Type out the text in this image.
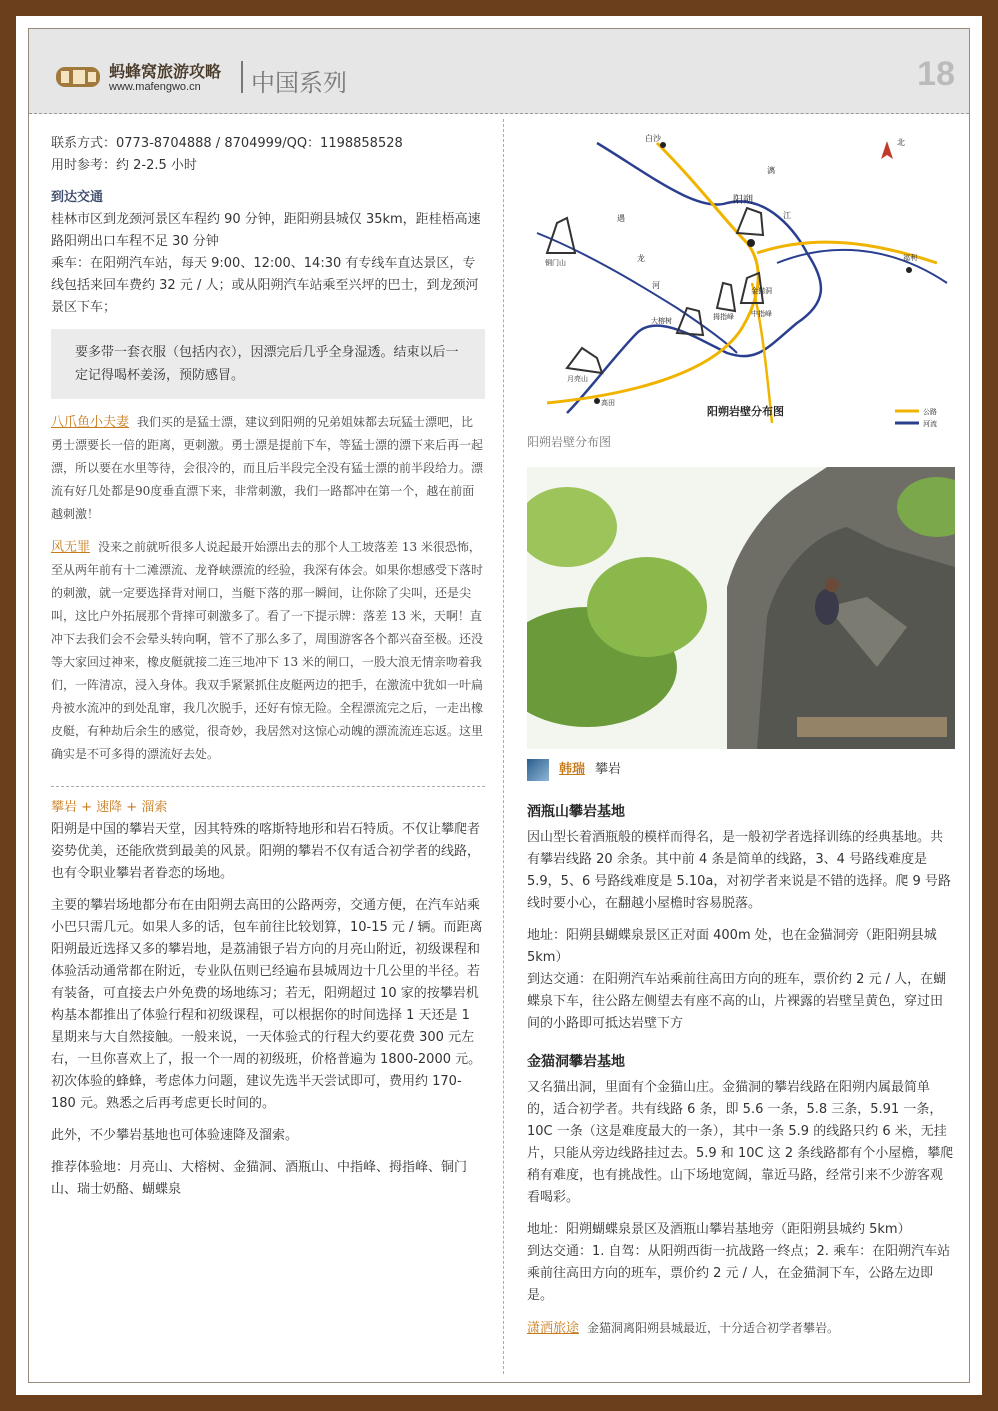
蚂蜂窝旅游攻略
www.mafengwo.cn 中国系列	18

联系方式：0773-8704888 / 8704999/QQ：1198858528

用时参考：约 2-2.5 小时

到达交通

桂林市区到龙颈河景区车程约 90 分钟，距阳朔县城仅 35km，距桂梧高速路阳朔出口车程不足 30 分钟

乘车：在阳朔汽车站，每天 9:00、12:00、14:30 有专线车直达景区，专线包括来回车费约 32 元 / 人；或从阳朔汽车站乘至兴坪的巴士，到龙颈河景区下车；

要多带一套衣服（包括内衣），因漂完后几乎全身湿透。结束以后一定记得喝杯姜汤，预防感冒。

八爪鱼小夫妻 我们买的是猛士漂，建议到阳朔的兄弟姐妹都去玩猛士漂吧，比勇士漂要长一倍的距离，更刺激。勇士漂是提前下车，等猛士漂的漂下来后再一起漂，所以要在水里等待，会很冷的，而且后半段完全没有猛士漂的前半段给力。漂流有好几处都是90度垂直漂下来，非常刺激，我们一路都冲在第一个，越在前面越刺激！

风无罪 没来之前就听很多人说起最开始漂出去的那个人工坡落差 13 米很恐怖，至从两年前有十二滩漂流、龙脊峡漂流的经验，我深有体会。如果你想感受下落时的刺激，就一定要选择背对闸口，当艇下落的那一瞬间，让你除了尖叫，还是尖叫，这比户外拓展那个背摔可刺激多了。看了一下提示牌：落差 13 米，天啊！直冲下去我们会不会晕头转向啊，管不了那么多了，周围游客各个都兴奋至极。还没等大家回过神来，橡皮艇就接二连三地冲下 13 米的闸口，一股大浪无情亲吻着我们，一阵清凉，浸入身体。我双手紧紧抓住皮艇两边的把手，在激流中犹如一叶扁舟被水流冲的到处乱窜，我几次脱手，还好有惊无险。全程漂流完之后，一走出橡皮艇，有种劫后余生的感觉，很奇妙，我居然对这惊心动魄的漂流流连忘返。这里确实是不可多得的漂流好去处。

攀岩 + 速降 + 溜索

阳朔是中国的攀岩天堂，因其特殊的喀斯特地形和岩石特质。不仅让攀爬者姿势优美，还能欣赏到最美的风景。阳朔的攀岩不仅有适合初学者的线路，也有令职业攀岩者眷恋的场地。

主要的攀岩场地都分布在由阳朔去高田的公路两旁，交通方便，在汽车站乘小巴只需几元。如果人多的话，包车前往比较划算，10-15 元 / 辆。而距离阳朔最近选择又多的攀岩地，是荔浦银子岩方向的月亮山附近，初级课程和体验活动通常都在附近，专业队伍则已经遍布县城周边十几公里的半径。若有装备，可直接去户外免费的场地练习；若无，阳朔超过 10 家的按攀岩机构基本都推出了体验行程和初级课程，可以根据你的时间选择 1 天还是 1 星期来与大自然接触。一般来说，一天体验式的行程大约要花费 300 元左右，一旦你喜欢上了，报一个一周的初级班，价格普遍为 1800-2000 元。初次体验的蜂蜂，考虑体力问题，建议先选半天尝试即可，费用约 170-180 元。熟悉之后再考虑更长时间的。

此外，不少攀岩基地也可体验速降及溜索。

推荐体验地：月亮山、大榕树、金猫洞、酒瓶山、中指峰、拇指峰、铜门山、瑞士奶酪、蝴蝶泉

白沙
阳朔
遇
龙
河
铜门山
大榕树
月亮山
高田
漓
江
福利
拇指峰
金猫洞
中指峰
北
阳朔岩壁分布图	公路
河流

阳朔岩壁分布图

韩瑞 攀岩

酒瓶山攀岩基地

因山型长着酒瓶般的模样而得名，是一般初学者选择训练的经典基地。共有攀岩线路 20 余条。其中前 4 条是简单的线路，3、4 号路线难度是 5.9，5、6 号路线难度是 5.10a，对初学者来说是不错的选择。爬 9 号路线时要小心，在翻越小屋檐时容易脱落。

地址：阳朔县蝴蝶泉景区正对面 400m 处，也在金猫洞旁（距阳朔县城 5km）

到达交通：在阳朔汽车站乘前往高田方向的班车，票价约 2 元 / 人，在蝴蝶泉下车，往公路左侧望去有座不高的山，片裸露的岩壁呈黄色，穿过田间的小路即可抵达岩壁下方

金猫洞攀岩基地

又名猫出洞，里面有个金猫山庄。金猫洞的攀岩线路在阳朔内属最简单的，适合初学者。共有线路 6 条，即 5.6 一条，5.8 三条，5.91 一条，10C 一条（这是难度最大的一条），其中一条 5.9 的线路只约 6 米，无挂片，只能从旁边线路挂过去。5.9 和 10C 这 2 条线路都有个小屋檐，攀爬稍有难度，也有挑战性。山下场地宽阔，靠近马路，经常引来不少游客观看喝彩。

地址：阳朔蝴蝶泉景区及酒瓶山攀岩基地旁（距阳朔县城约 5km）

到达交通：1. 自驾：从阳朔西街一抗战路一终点；2. 乘车：在阳朔汽车站乘前往高田方向的班车，票价约 2 元 / 人，在金猫洞下车，公路左边即是。

潇洒旅途 金猫洞离阳朔县城最近，十分适合初学者攀岩。
